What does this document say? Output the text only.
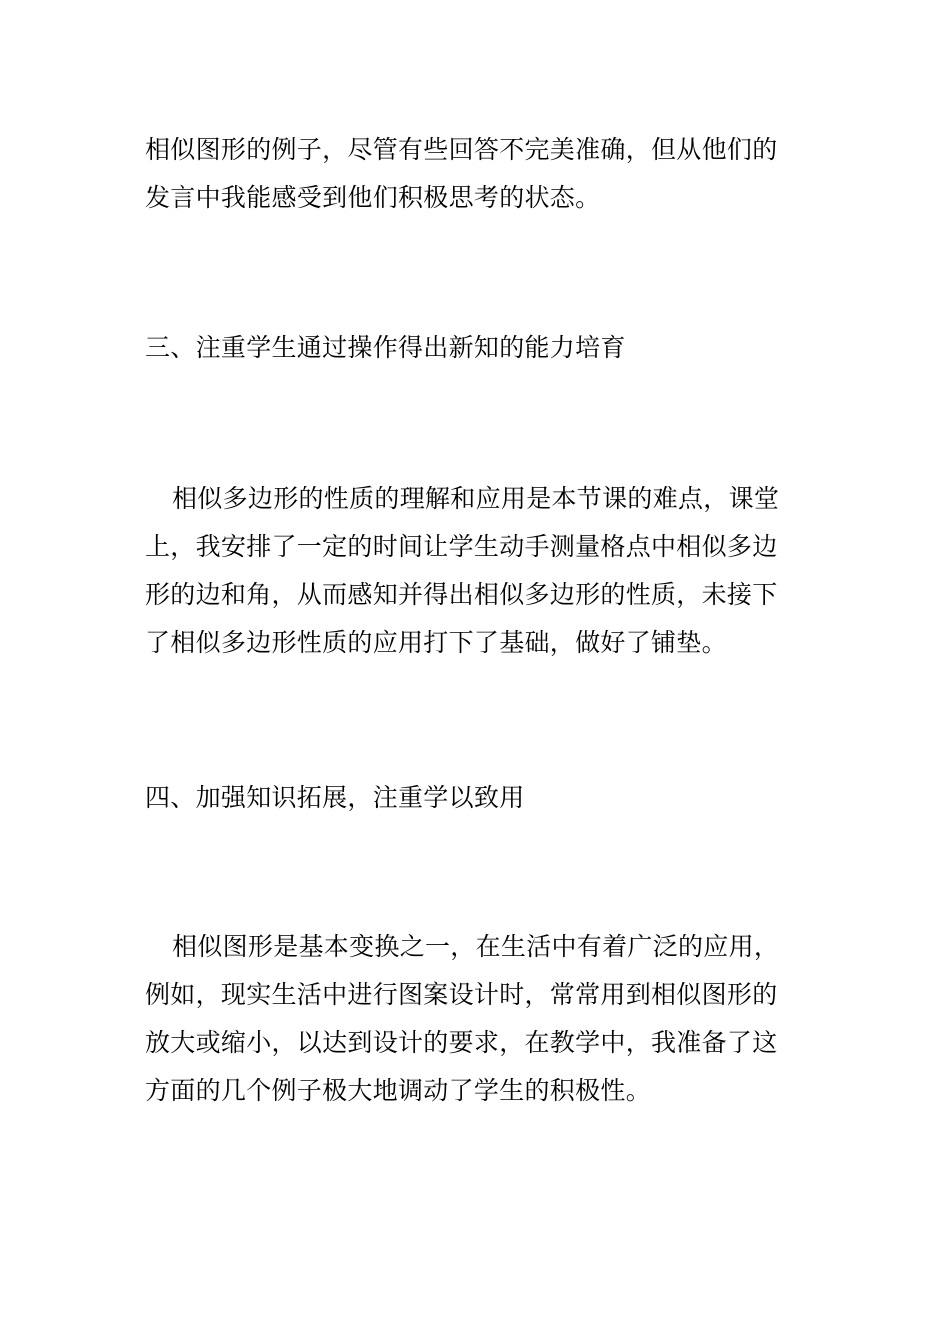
相似图形的例子，尽管有些回答不完美准确，但从他们的
发言中我能感受到他们积极思考的状态。

三、注重学生通过操作得出新知的能力培育

相似多边形的性质的理解和应用是本节课的难点，课堂
上，我安排了一定的时间让学生动手测量格点中相似多边
形的边和角，从而感知并得出相似多边形的性质，未接下
了相似多边形性质的应用打下了基础，做好了铺垫。

四、加强知识拓展，注重学以致用

相似图形是基本变换之一，在生活中有着广泛的应用，
例如，现实生活中进行图案设计时，常常用到相似图形的
放大或缩小，以达到设计的要求，在教学中，我准备了这
方面的几个例子极大地调动了学生的积极性。
